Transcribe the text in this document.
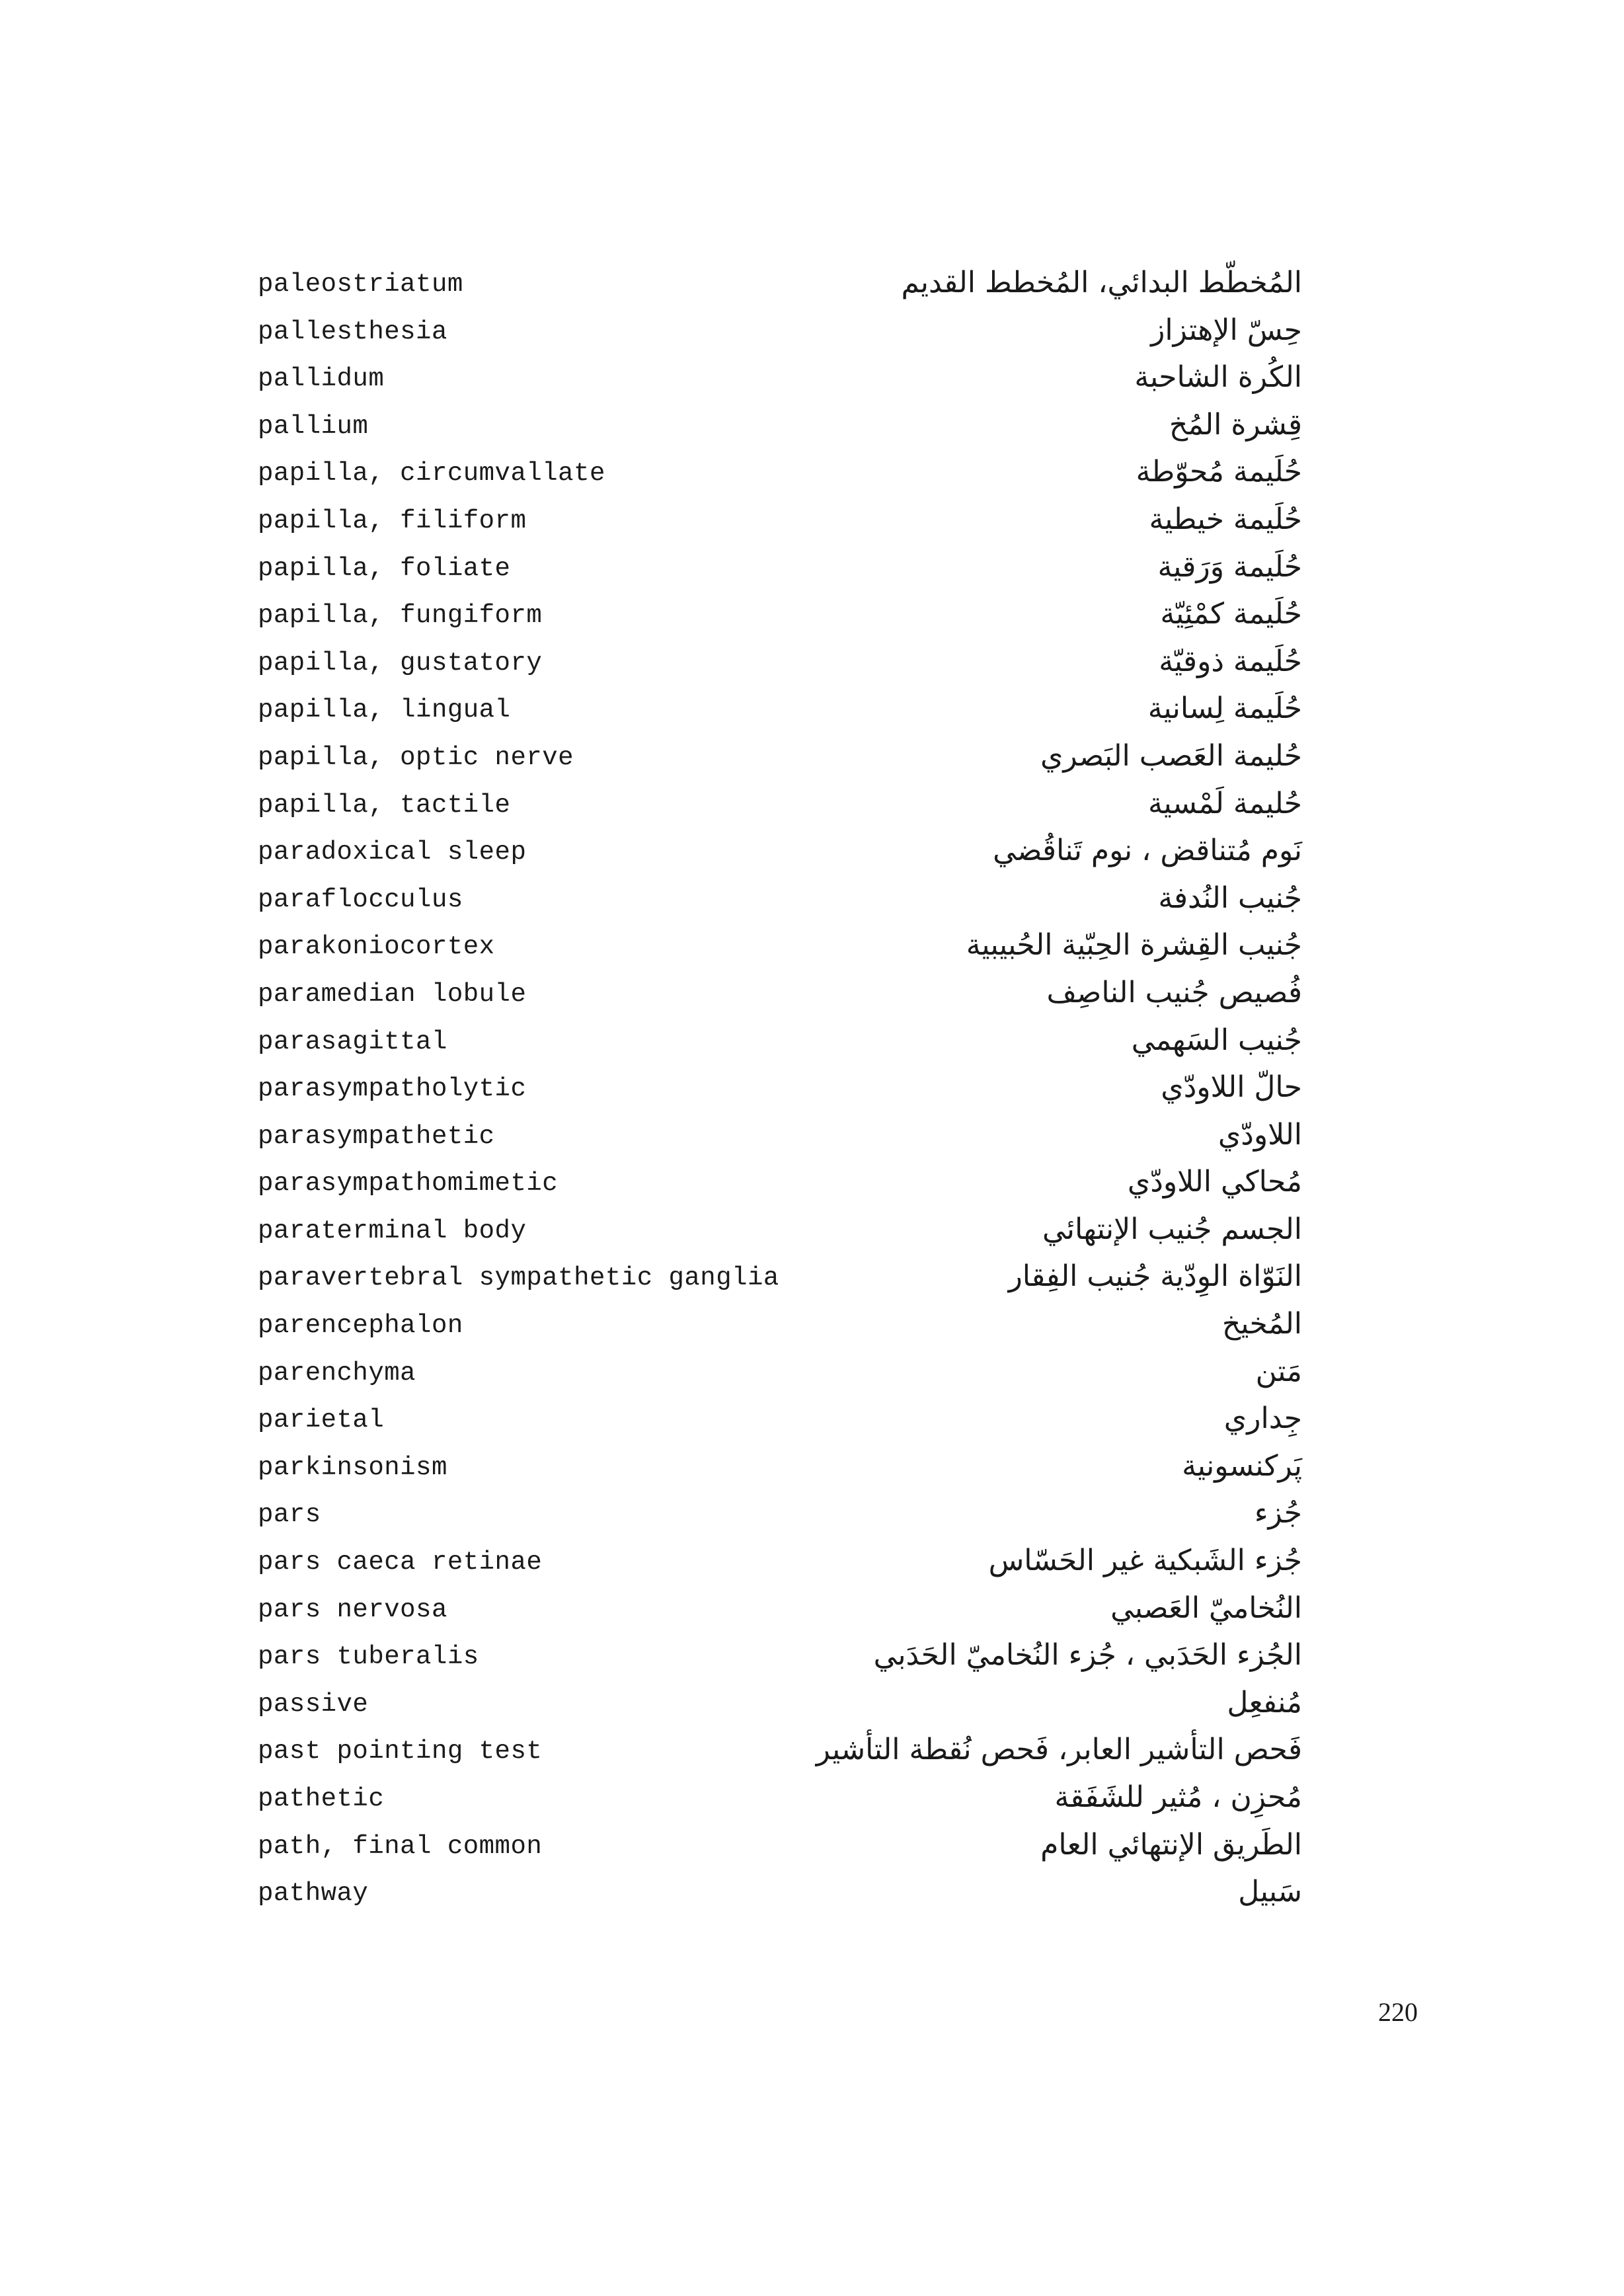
paleostriatum	المُخطّط البدائي، المُخطط القديم
pallesthesia	حِسّ الإهتزاز
pallidum	الكُرة الشاحبة
pallium	قِشرة المُخ
papilla, circumvallate	حُلَيمة مُحوّطة
papilla, filiform	حُلَيمة خيطية
papilla, foliate	حُلَيمة وَرَقية
papilla, fungiform	حُلَيمة كمْئِيّة
papilla, gustatory	حُلَيمة ذوقيّة
papilla, lingual	حُلَيمة لِسانية
papilla, optic nerve	حُليمة العَصب البَصري
papilla, tactile	حُليمة لَمْسية
paradoxical sleep	نَوم مُتناقض ، نوم تَناقُضي
paraflocculus	جُنيب النُدفة
parakoniocortex	جُنيب القِشرة الحِبّية الحُبيبية
paramedian lobule	فُصيص جُنيب الناصِف
parasagittal	جُنيب السَهمي
parasympatholytic	حالّ اللاودّي
parasympathetic	اللاودّي
parasympathomimetic	مُحاكي اللاودّي
paraterminal body	الجسم جُنيب الإنتهائي
paravertebral sympathetic ganglia	النَوّاة الوِدّية جُنيب الفِقار
parencephalon	المُخيخ
parenchyma	مَتن
parietal	جِداري
parkinsonism	پَركنسونية
pars	جُزء
pars caeca retinae	جُزء الشَبكية غير الحَسّاس
pars nervosa	النُخاميّ العَصبي
pars tuberalis	الجُزء الحَدَبي ، جُزء النُخاميّ الحَدَبي
passive	مُنفعِل
past pointing test	فَحص التأشير العابر، فَحص نُقطة التأشير
pathetic	مُحزِن ، مُثير للشَفَقة
path, final common	الطَريق الإنتهائي العام
pathway	سَبيل
220
